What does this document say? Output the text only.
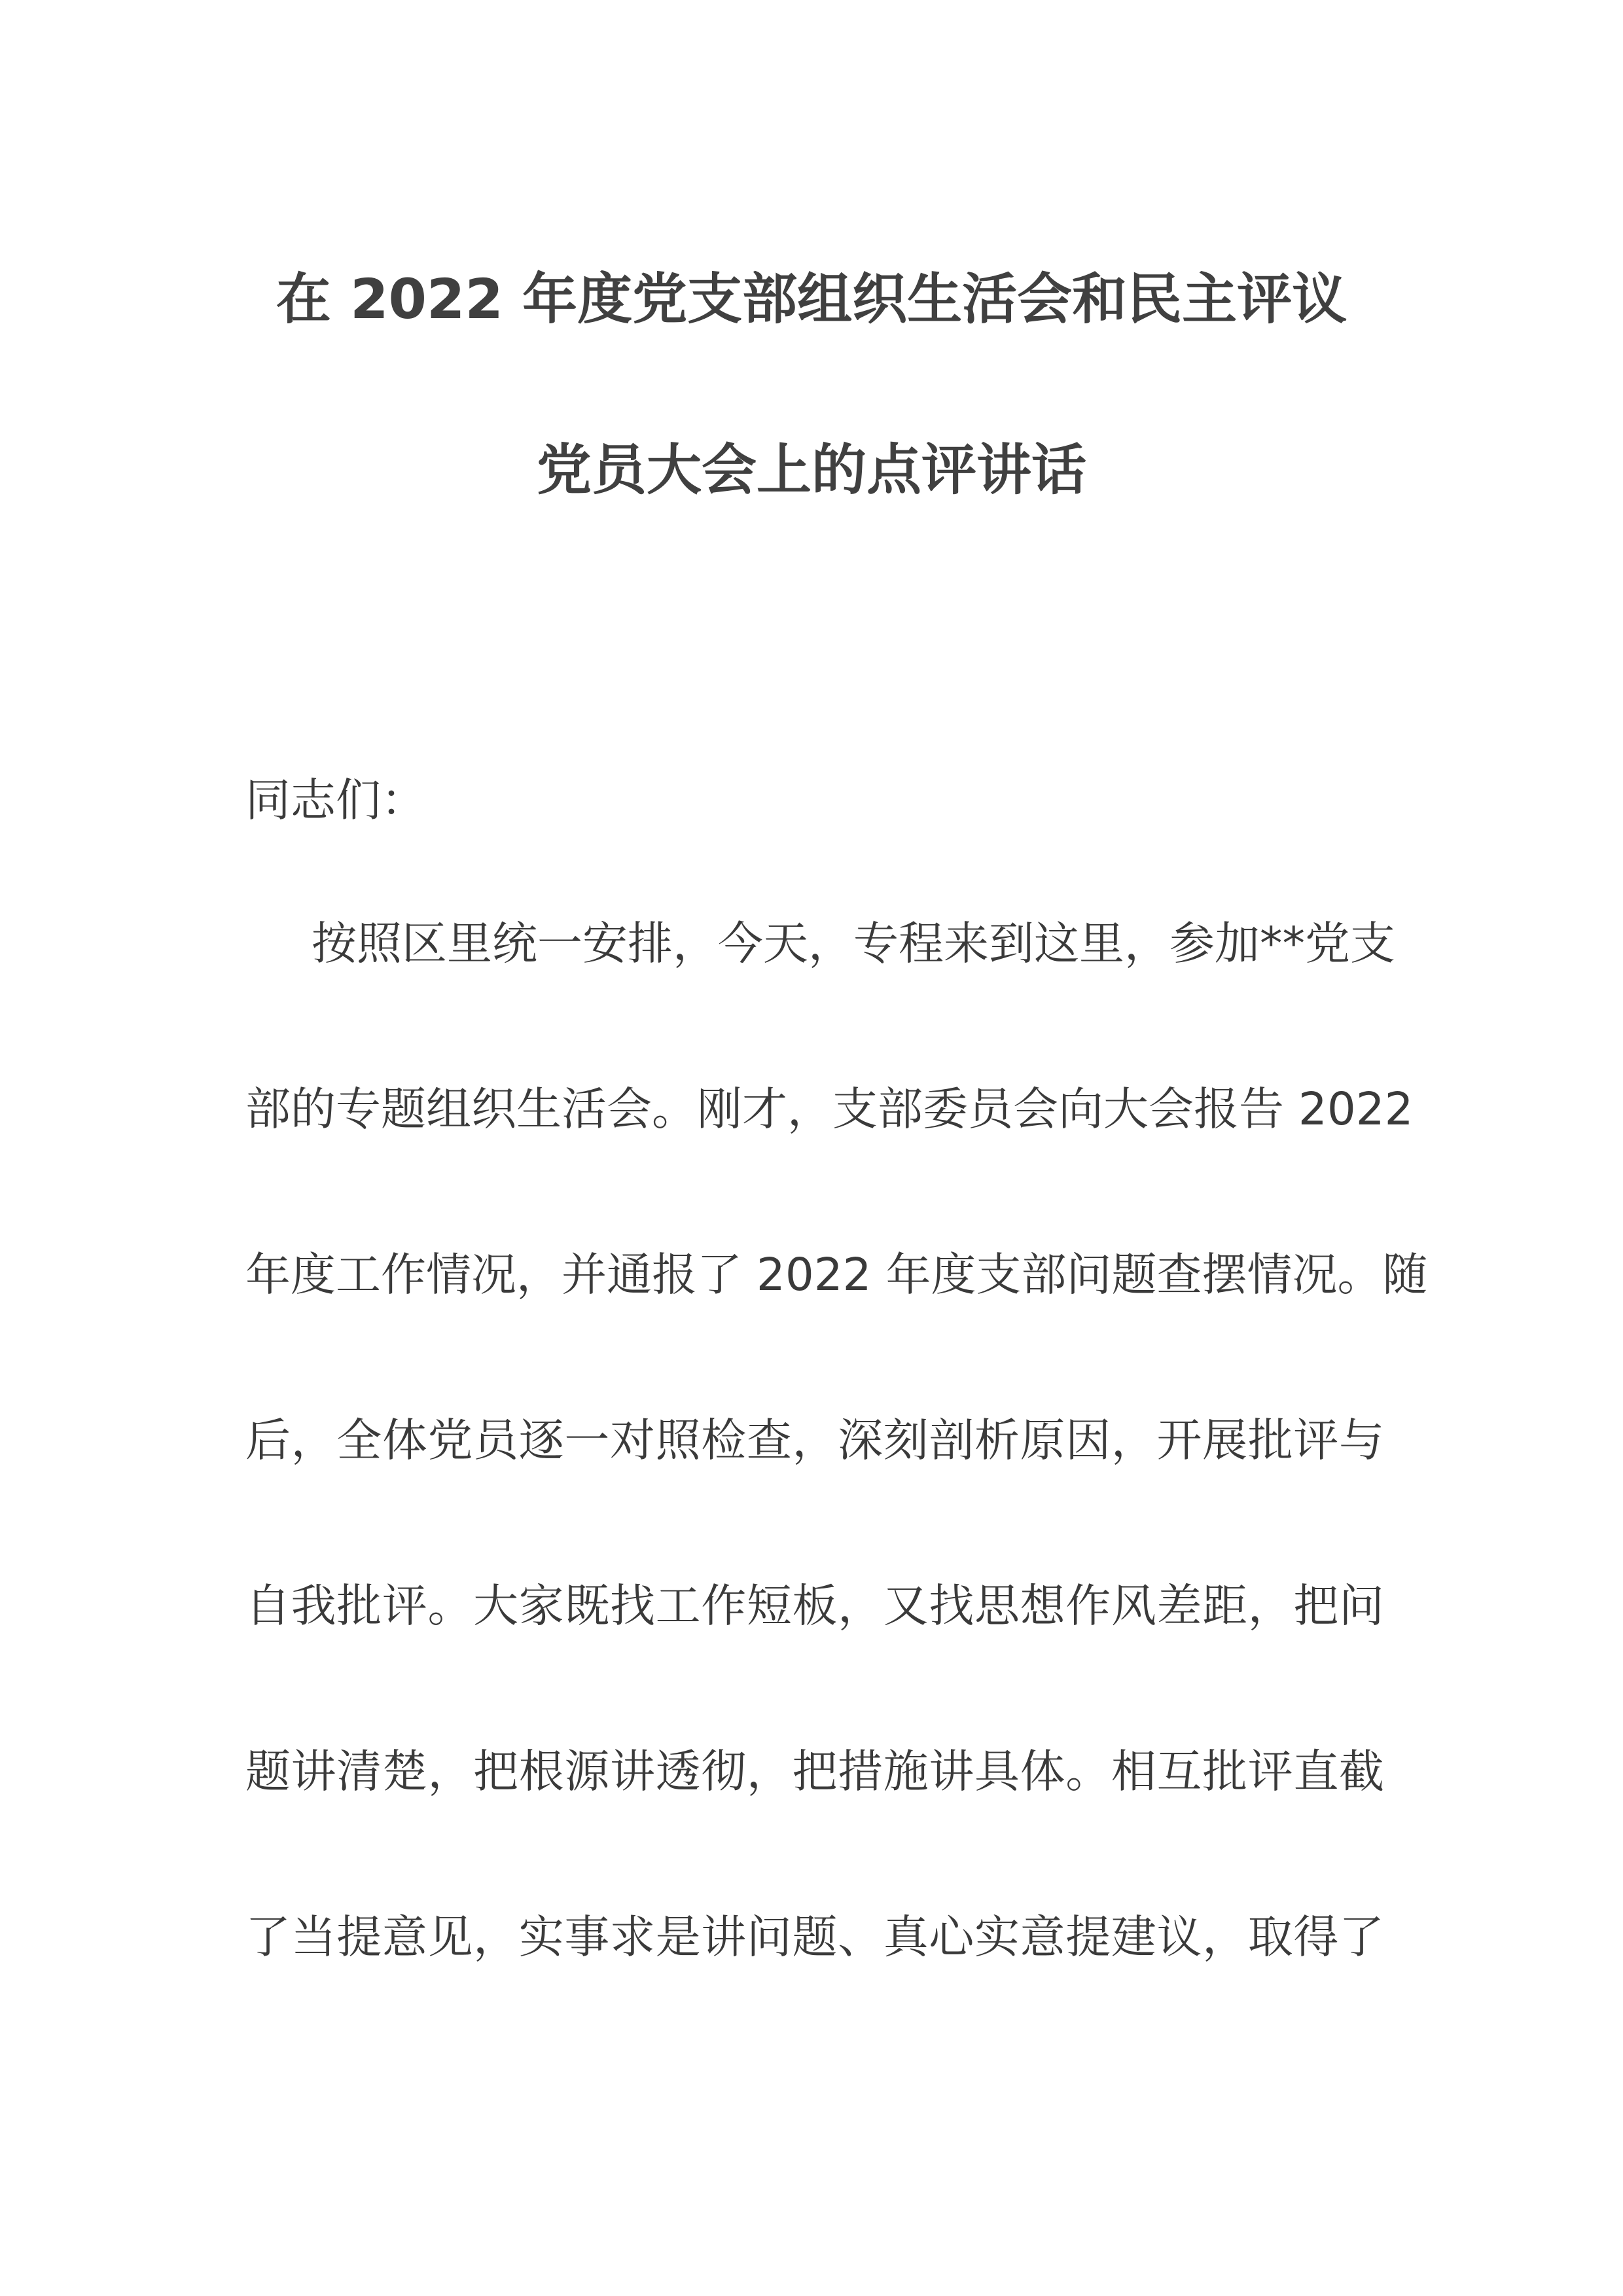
在 2022 年度党支部组织生活会和民主评议
党员大会上的点评讲话
同志们：
按照区里统一安排，今天，专程来到这里，参加**党支
部的专题组织生活会。刚才，支部委员会向大会报告 2022
年度工作情况，并通报了 2022 年度支部问题查摆情况。随
后，全体党员逐一对照检查，深刻剖析原因，开展批评与
自我批评。大家既找工作短板，又找思想作风差距，把问
题讲清楚，把根源讲透彻，把措施讲具体。相互批评直截
了当提意见，实事求是讲问题、真心实意提建议，取得了
